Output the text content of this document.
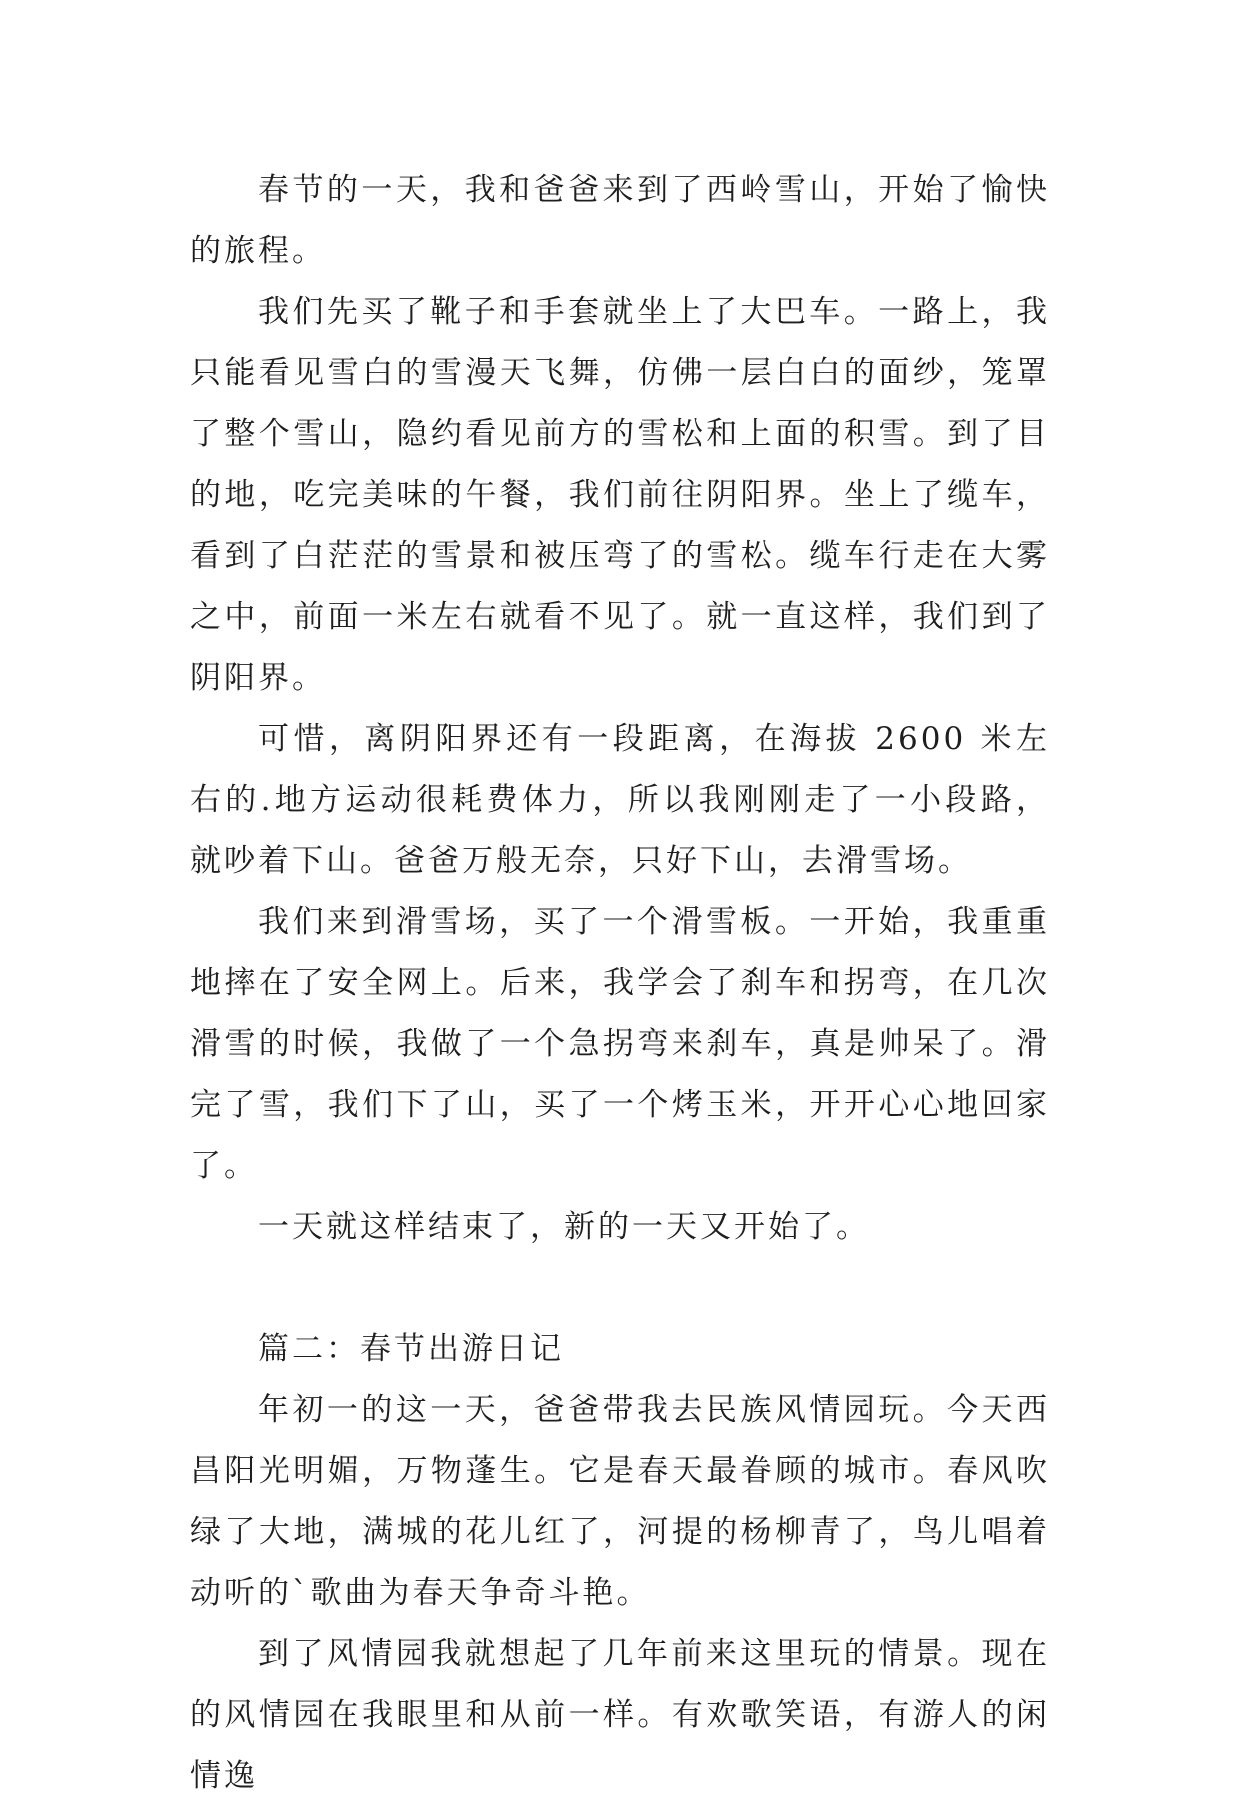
春节的一天，我和爸爸来到了西岭雪山，开始了愉快的旅程。

我们先买了靴子和手套就坐上了大巴车。一路上，我只能看见雪白的雪漫天飞舞，仿佛一层白白的面纱，笼罩了整个雪山，隐约看见前方的雪松和上面的积雪。到了目的地，吃完美味的午餐，我们前往阴阳界。坐上了缆车，看到了白茫茫的雪景和被压弯了的雪松。缆车行走在大雾之中，前面一米左右就看不见了。就一直这样，我们到了阴阳界。

可惜，离阴阳界还有一段距离，在海拔 2600 米左右的.地方运动很耗费体力，所以我刚刚走了一小段路，就吵着下山。爸爸万般无奈，只好下山，去滑雪场。

我们来到滑雪场，买了一个滑雪板。一开始，我重重地摔在了安全网上。后来，我学会了刹车和拐弯，在几次滑雪的时候，我做了一个急拐弯来刹车，真是帅呆了。滑完了雪，我们下了山，买了一个烤玉米，开开心心地回家了。

一天就这样结束了，新的一天又开始了。

篇二：春节出游日记

年初一的这一天，爸爸带我去民族风情园玩。今天西昌阳光明媚，万物蓬生。它是春天最眷顾的城市。春风吹绿了大地，满城的花儿红了，河提的杨柳青了，鸟儿唱着动听的`歌曲为春天争奇斗艳。

到了风情园我就想起了几年前来这里玩的情景。现在的风情园在我眼里和从前一样。有欢歌笑语，有游人的闲情逸
